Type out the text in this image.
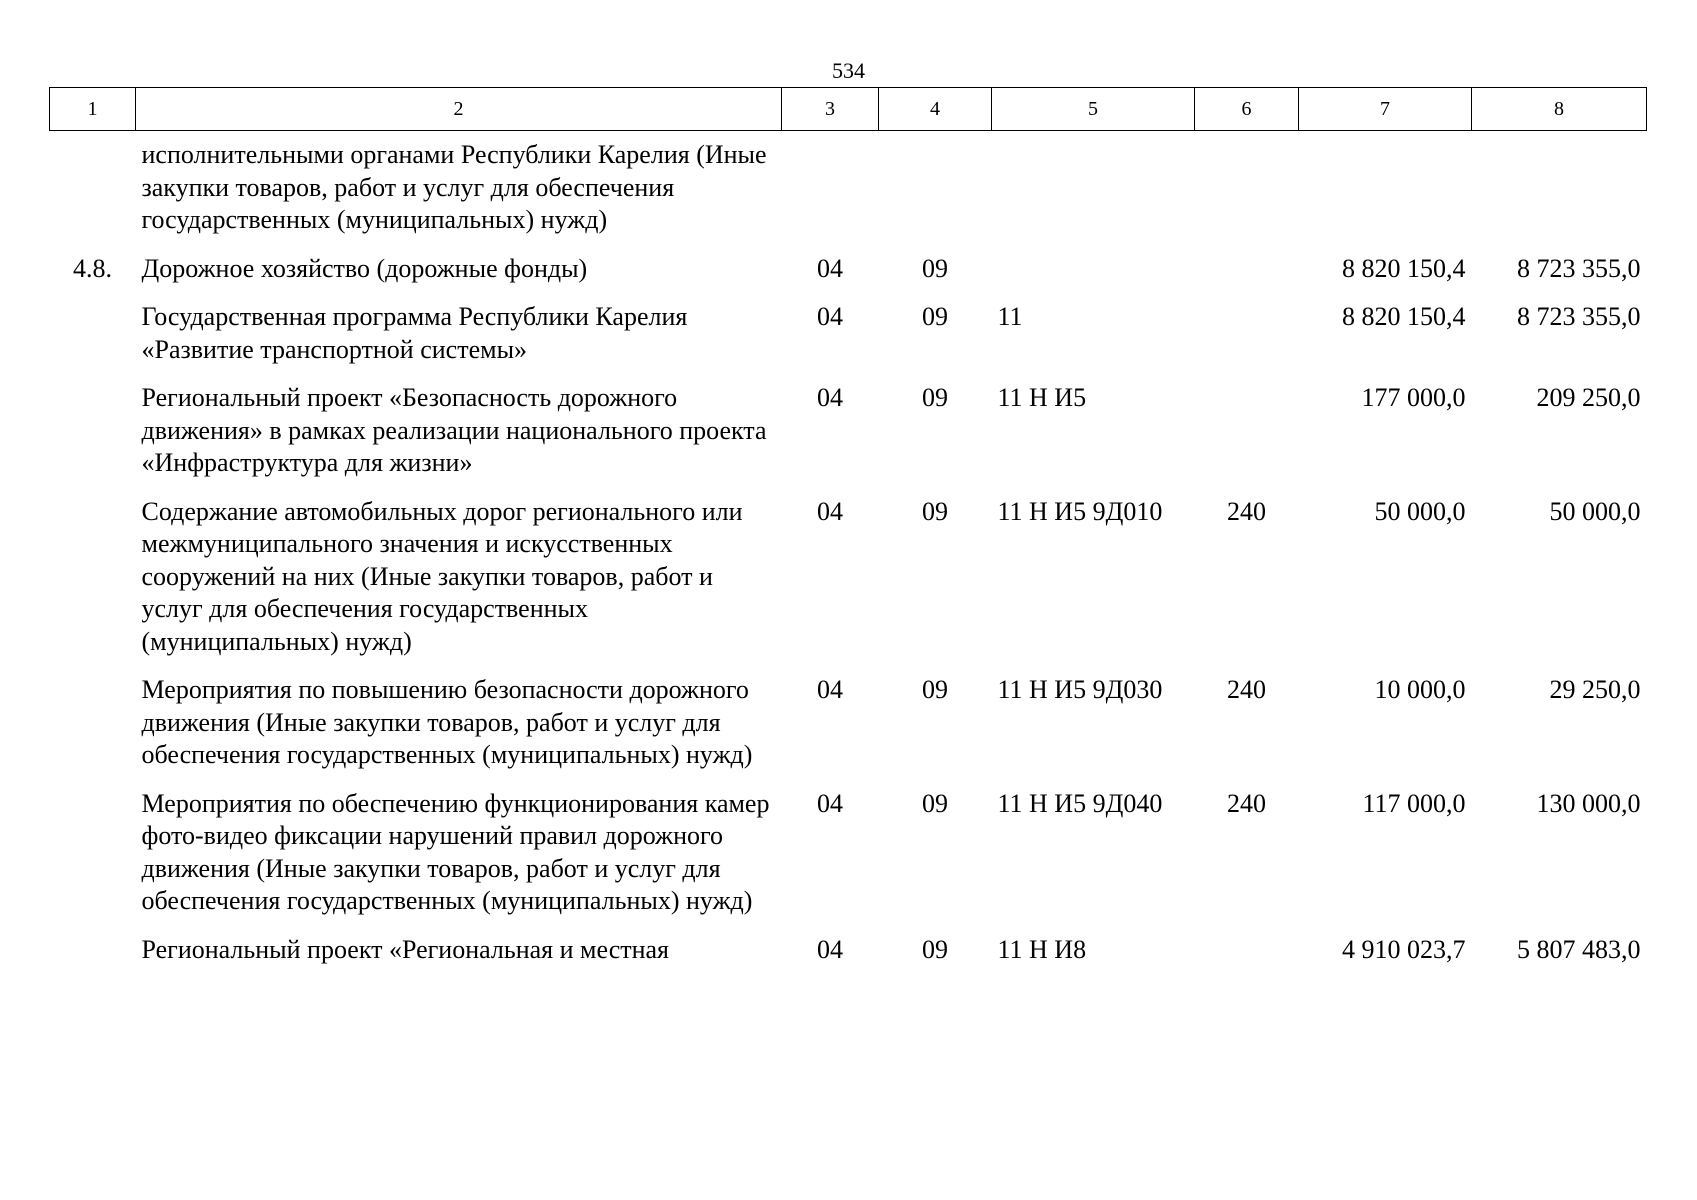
534
1	2	3	4	5	6	7	8
	исполнительными органами Республики Карелия (Иные закупки товаров, работ и услуг для обеспечения государственных (муниципальных) нужд)						
4.8.	Дорожное хозяйство (дорожные фонды)	04	09			8 820 150,4	8 723 355,0
	Государственная программа Республики Карелия «Развитие транспортной системы»	04	09	11		8 820 150,4	8 723 355,0
	Региональный проект «Безопасность дорожного движения» в рамках реализации национального проекта «Инфраструктура для жизни»	04	09	11 Н И5		177 000,0	209 250,0
	Содержание автомобильных дорог регионального или межмуниципального значения и искусственных сооружений на них (Иные закупки товаров, работ и услуг для обеспечения государственных (муниципальных) нужд)	04	09	11 Н И5 9Д010	240	50 000,0	50 000,0
	Мероприятия по повышению безопасности дорожного движения (Иные закупки товаров, работ и услуг для обеспечения государственных (муниципальных) нужд)	04	09	11 Н И5 9Д030	240	10 000,0	29 250,0
	Мероприятия по обеспечению функционирования камер фото-видео фиксации нарушений правил дорожного движения (Иные закупки товаров, работ и услуг для обеспечения государственных (муниципальных) нужд)	04	09	11 Н И5 9Д040	240	117 000,0	130 000,0
	Региональный проект «Региональная и местная	04	09	11 Н И8		4 910 023,7	5 807 483,0
